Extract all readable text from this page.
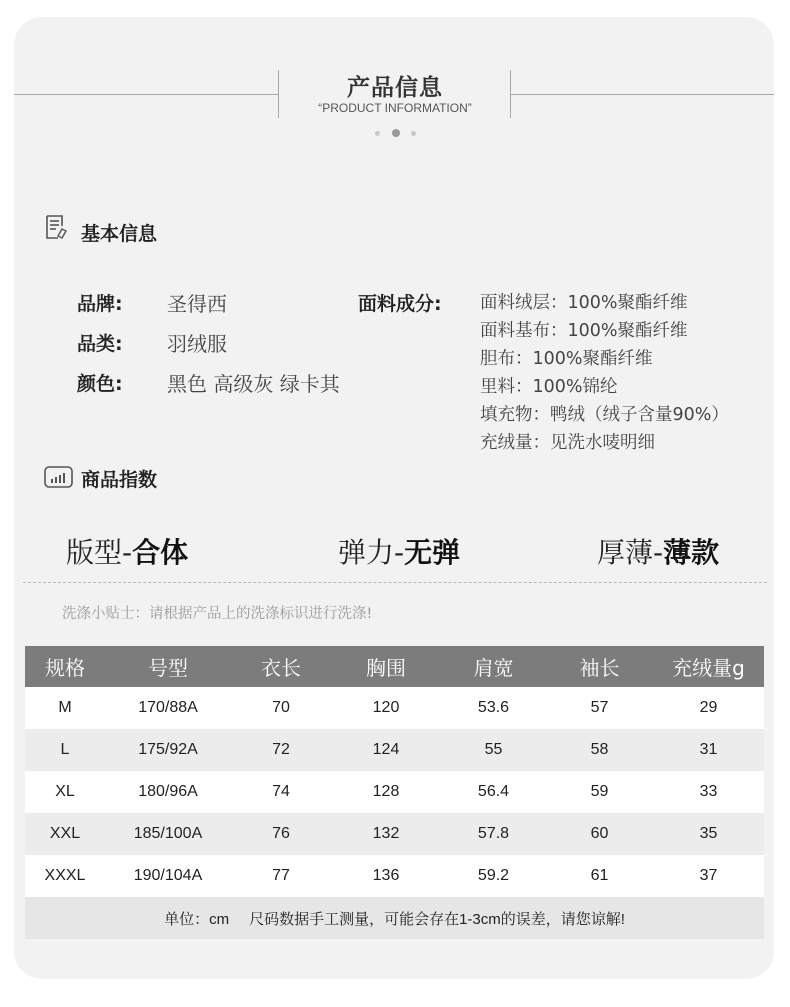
产品信息
“PRODUCT INFORMATION”
基本信息
品牌: 圣得西
品类: 羽绒服
颜色: 黑色 高级灰 绿卡其
面料成分: 面料绒层：100%聚酯纤维
面料基布：100%聚酯纤维
胆布：100%聚酯纤维
里料：100%锦纶
填充物：鸭绒（绒子含量90%）
充绒量：见洗水唛明细
商品指数
版型-合体	弹力-无弹	厚薄-薄款
洗涤小贴士：请根据产品上的洗涤标识进行洗涤!
规格	号型	衣长	胸围	肩宽	袖长	充绒量g
M	170/88A	70	120	53.6	57	29
L	175/92A	72	124	55	58	31
XL	180/96A	74	128	56.4	59	33
XXL	185/100A	76	132	57.8	60	35
XXXL	190/104A	77	136	59.2	61	37
单位：cm 尺码数据手工测量，可能会存在1-3cm的误差，请您谅解!						
